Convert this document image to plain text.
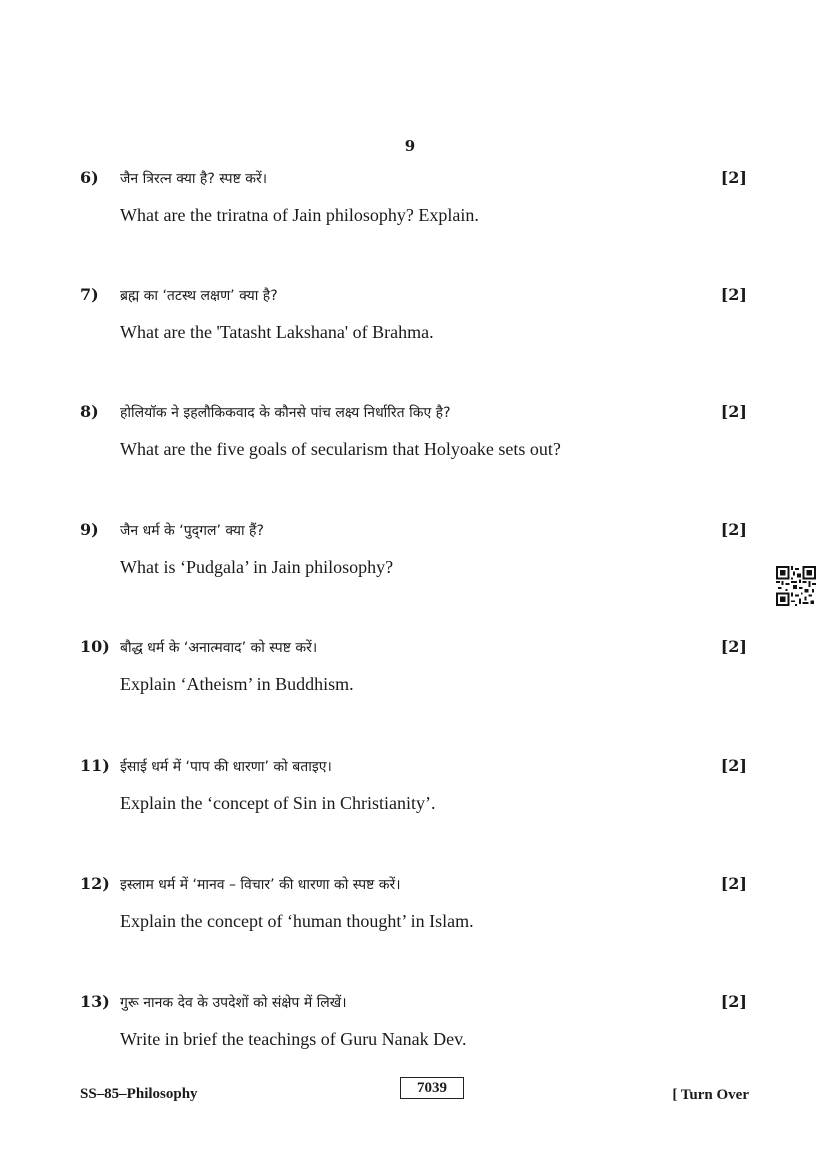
9
6) जैन त्रिरत्न क्या है? स्पष्ट करें।	[2]
What are the triratna of Jain philosophy? Explain.
7) ब्रह्म का ‘तटस्थ लक्षण’ क्या है?	[2]
What are the 'Tatasht Lakshana' of Brahma.
8) होलियॉक ने इहलौकिकवाद के कौनसे पांच लक्ष्य निर्धारित किए है?	[2]
What are the five goals of secularism that Holyoake sets out?
9) जैन धर्म के ‘पुद्‌गल’ क्या हैं?	[2]
What is ‘Pudgala’ in Jain philosophy?
10) बौद्ध धर्म के ‘अनात्मवाद’ को स्पष्ट करें।	[2]
Explain ‘Atheism’ in Buddhism.
11) ईसाई धर्म में ‘पाप की धारणा’ को बताइए।	[2]
Explain the ‘concept of Sin in Christianity’.
12) इस्लाम धर्म में ‘मानव – विचार’ की धारणा को स्पष्ट करें।	[2]
Explain the concept of ‘human thought’ in Islam.
13) गुरू नानक देव के उपदेशों को संक्षेप में लिखें।	[2]
Write in brief the teachings of Guru Nanak Dev.
SS–85–Philosophy	7039	[ Turn Over
